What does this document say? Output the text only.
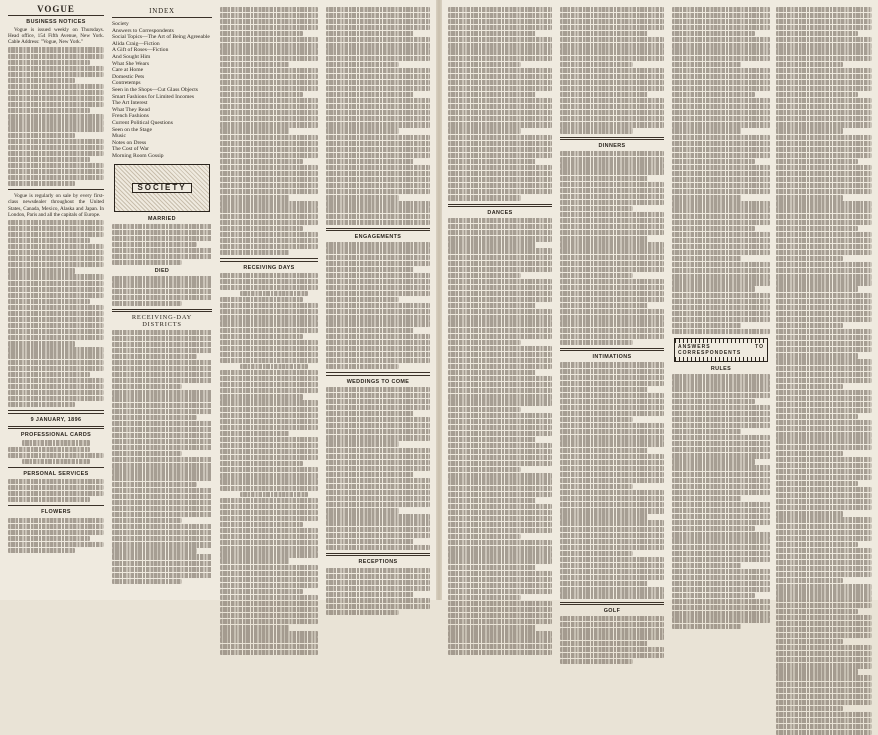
VOGUE
BUSINESS NOTICES

Vogue is issued weekly on Thursdays. Head office, 154 Fifth Avenue, New York. Cable Address: "Vogue, New York."

Vogue is regularly on sale by every first-class newsdealer throughout the United States, Canada, Mexico, Alaska and Japan. In London, Paris and all the capitals of Europe.

9 JANUARY, 1896
PROFESSIONAL CARDS
PERSONAL SERVICES
FLOWERS
INDEX
Society
Answers to Correspondents
Social Topics—The Art of Being Agreeable
Alida Craig—Fiction
A Gift of Roses—Fiction
And Sought Him
What She Wears
Care at Home
Domestic Pets
Contretemps
Seen in the Shops—Cut Glass Objects
Smart Fashions for Limited Incomes
The Art Interest
What They Read
French Fashions
Current Political Questions
Seen on the Stage
Music
Notes on Dress
The Cost of War
Morning Room Gossip
SOCIETY
MARRIED
DIED
RECEIVING-DAY DISTRICTS
RECEIVING DAYS
ENGAGEMENTS
WEDDINGS TO COME
RECEPTIONS
DANCES
DINNERS
INTIMATIONS
GOLF
ANSWERS TO CORRESPONDENTS
RULES
